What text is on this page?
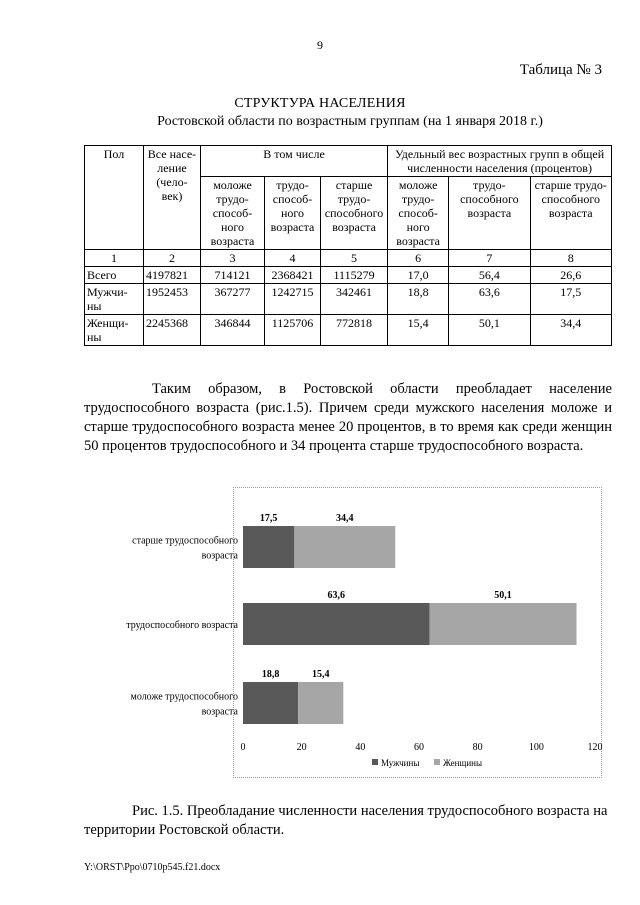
9
Таблица № 3
СТРУКТУРА НАСЕЛЕНИЯ
Ростовской области по возрастным группам (на 1 января 2018 г.)
Пол	Все насе- ление (чело- век)	В том числе			Удельный вес возрастных групп в общей численности населения (процентов)		
		моложе трудо- способ- ного возраста	трудо- способ- ного возраста	старше трудо- способного возраста	моложе трудо- способ- ного возраста	трудо- способного возраста	старше трудо- способного возраста
1	2	3	4	5	6	7	8
Всего	4197821	714121	2368421	1115279	17,0	56,4	26,6
Мужчи- ны	1952453	367277	1242715	342461	18,8	63,6	17,5
Женщи- ны	2245368	346844	1125706	772818	15,4	50,1	34,4
Таким образом, в Ростовской области преобладает население трудоспособного возраста (рис.1.5). Причем среди мужского населения моложе и старше трудоспособного возраста менее 20 процентов, в то время как среди женщин 50 процентов трудоспособного и 34 процента старше трудоспособного возраста.
старше трудоспособного
возраста
17,5	34,4
трудоспособного возраста
63,6	50,1
моложе трудоспособного
возраста
18,8	15,4
0	20	40	60	80	100	120
Мужчины	Женщины
Рис. 1.5. Преобладание численности населения трудоспособного возраста на территории Ростовской области.
Y:\ORST\Ppo\0710p545.f21.docx
